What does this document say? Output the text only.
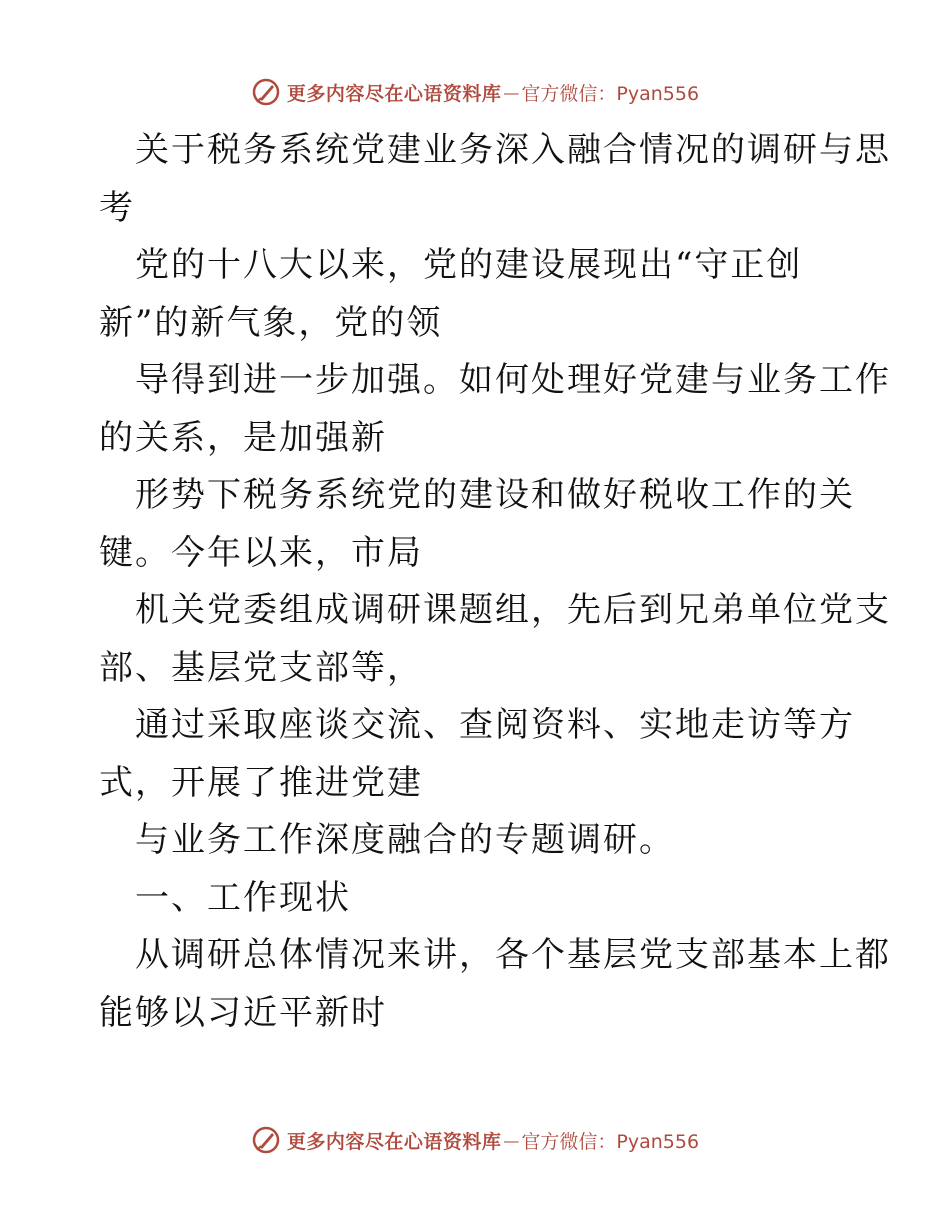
更多内容尽在心语资料库 — 官方微信：Pyan556
关于税务系统党建业务深入融合情况的调研与思
考
党的十八大以来，党的建设展现出“守正创
新”的新气象，党的领
导得到进一步加强。如何处理好党建与业务工作
的关系，是加强新
形势下税务系统党的建设和做好税收工作的关
键。今年以来，市局
机关党委组成调研课题组，先后到兄弟单位党支
部、基层党支部等，
通过采取座谈交流、查阅资料、实地走访等方
式，开展了推进党建
与业务工作深度融合的专题调研。
一、工作现状
从调研总体情况来讲，各个基层党支部基本上都
能够以习近平新时
更多内容尽在心语资料库 — 官方微信：Pyan556
